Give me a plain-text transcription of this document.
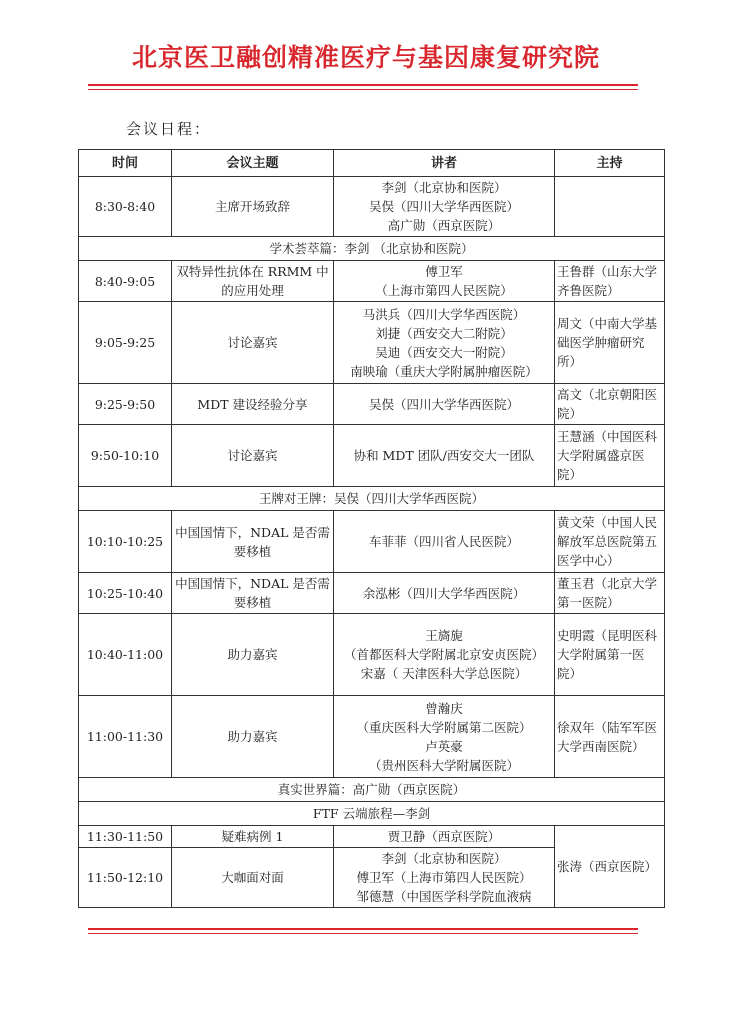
北京医卫融创精准医疗与基因康复研究院
会议日程：
时间	会议主题	讲者	主持
8:30-8:40	主席开场致辞	李剑（北京协和医院）
吴俣（四川大学华西医院）
高广勋（西京医院）	

学术荟萃篇：李剑 （北京协和医院）			
8:40-9:05	双特异性抗体在 RRMM 中的应用处理	傅卫军
（上海市第四人民医院）	王鲁群（山东大学齐鲁医院）
9:05-9:25	讨论嘉宾	马洪兵（四川大学华西医院）
刘捷（西安交大二附院）
吴迪（西安交大一附院）
南映瑜（重庆大学附属肿瘤医院）	周文（中南大学基础医学肿瘤研究所）
9:25-9:50	MDT 建设经验分享	吴俣（四川大学华西医院）	高文（北京朝阳医院）
9:50-10:10	讨论嘉宾	协和 MDT 团队/西安交大一团队	王慧涵（中国医科大学附属盛京医院）
王牌对王牌：吴俣（四川大学华西医院）			
10:10-10:25	中国国情下，NDAL 是否需要移植	车菲菲（四川省人民医院）	黄文荣（中国人民解放军总医院第五医学中心）
10:25-10:40	中国国情下，NDAL 是否需要移植	余泓彬（四川大学华西医院）	董玉君（北京大学第一医院）
10:40-11:00	助力嘉宾	王旖旎
（首都医科大学附属北京安贞医院）
宋嘉（ 天津医科大学总医院）	史明霞（昆明医科大学附属第一医院）
11:00-11:30	助力嘉宾	曾瀚庆
（重庆医科大学附属第二医院）
卢英豪
（贵州医科大学附属医院）	徐双年（陆军军医大学西南医院）
真实世界篇：高广勋（西京医院）			
FTF 云端旅程—李剑			
11:30-11:50	疑难病例 1	贾卫静（西京医院）	张涛（西京医院）
11:50-12:10	大咖面对面	李剑（北京协和医院）
傅卫军（上海市第四人民医院）
邹德慧（中国医学科学院血液病	
